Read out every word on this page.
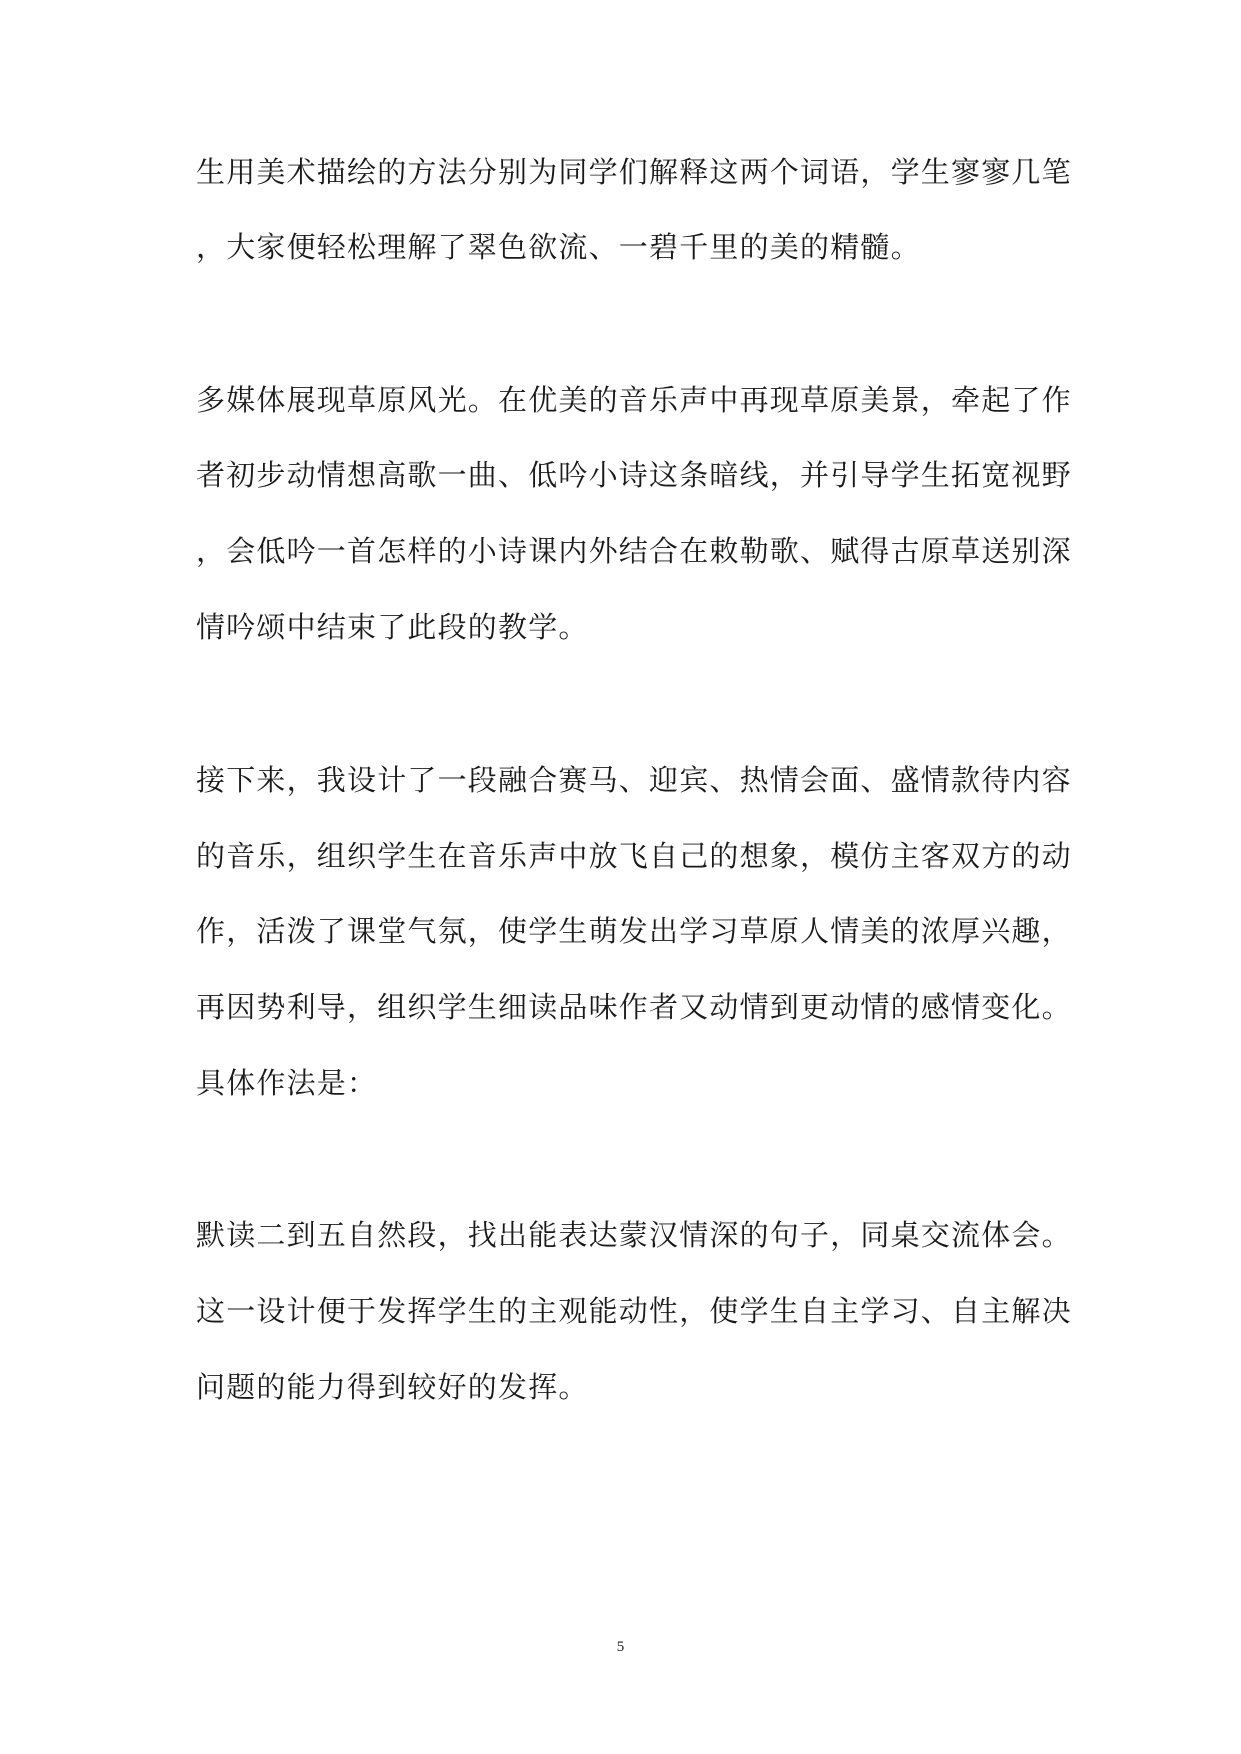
生用美术描绘的方法分别为同学们解释这两个词语，学生寥寥几笔
，大家便轻松理解了翠色欲流、一碧千里的美的精髓。
多媒体展现草原风光。在优美的音乐声中再现草原美景，牵起了作
者初步动情想高歌一曲、低吟小诗这条暗线，并引导学生拓宽视野
，会低吟一首怎样的小诗课内外结合在敕勒歌、赋得古原草送别深
情吟颂中结束了此段的教学。
接下来，我设计了一段融合赛马、迎宾、热情会面、盛情款待内容
的音乐，组织学生在音乐声中放飞自己的想象，模仿主客双方的动
作，活泼了课堂气氛，使学生萌发出学习草原人情美的浓厚兴趣，
再因势利导，组织学生细读品味作者又动情到更动情的感情变化。
具体作法是：
默读二到五自然段，找出能表达蒙汉情深的句子，同桌交流体会。
这一设计便于发挥学生的主观能动性，使学生自主学习、自主解决
问题的能力得到较好的发挥。
5
